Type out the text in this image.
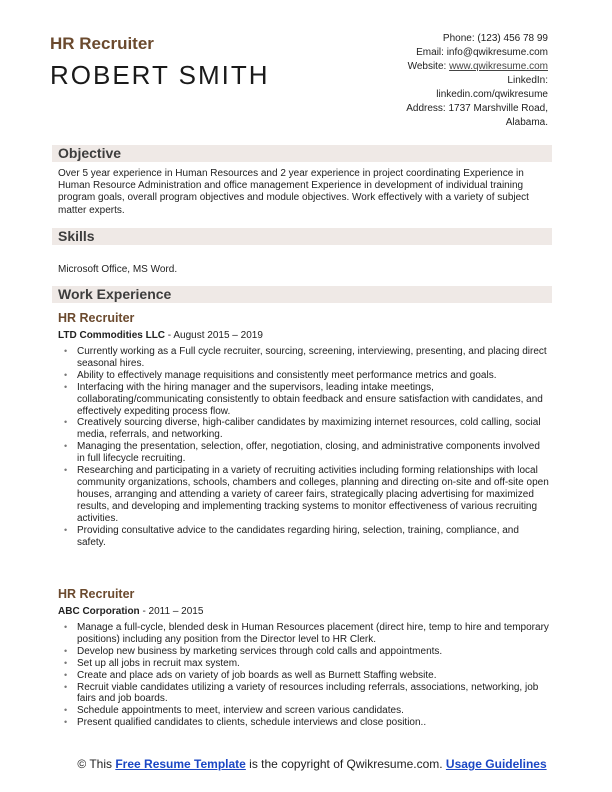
HR Recruiter
ROBERT SMITH
Phone: (123) 456 78 99
Email: info@qwikresume.com
Website: www.qwikresume.com
LinkedIn:
linkedin.com/qwikresume
Address: 1737 Marshville Road,
Alabama.
Objective
Over 5 year experience in Human Resources and 2 year experience in project coordinating Experience in Human Resource Administration and office management Experience in development of individual training program goals, overall program objectives and module objectives. Work effectively with a variety of subject matter experts.
Skills
Microsoft Office, MS Word.
Work Experience
HR Recruiter
LTD Commodities LLC - August 2015 – 2019
• Currently working as a Full cycle recruiter, sourcing, screening, interviewing, presenting, and placing direct seasonal hires.
• Ability to effectively manage requisitions and consistently meet performance metrics and goals.
• Interfacing with the hiring manager and the supervisors, leading intake meetings, collaborating/communicating consistently to obtain feedback and ensure satisfaction with candidates, and effectively expediting process flow.
• Creatively sourcing diverse, high-caliber candidates by maximizing internet resources, cold calling, social media, referrals, and networking.
• Managing the presentation, selection, offer, negotiation, closing, and administrative components involved in full lifecycle recruiting.
• Researching and participating in a variety of recruiting activities including forming relationships with local community organizations, schools, chambers and colleges, planning and directing on-site and off-site open houses, arranging and attending a variety of career fairs, strategically placing advertising for maximized results, and developing and implementing tracking systems to monitor effectiveness of various recruiting activities.
• Providing consultative advice to the candidates regarding hiring, selection, training, compliance, and safety.
HR Recruiter
ABC Corporation - 2011 – 2015
• Manage a full-cycle, blended desk in Human Resources placement (direct hire, temp to hire and temporary positions) including any position from the Director level to HR Clerk.
• Develop new business by marketing services through cold calls and appointments.
• Set up all jobs in recruit max system.
• Create and place ads on variety of job boards as well as Burnett Staffing website.
• Recruit viable candidates utilizing a variety of resources including referrals, associations, networking, job fairs and job boards.
• Schedule appointments to meet, interview and screen various candidates.
• Present qualified candidates to clients, schedule interviews and close position..
© This Free Resume Template is the copyright of Qwikresume.com. Usage Guidelines
